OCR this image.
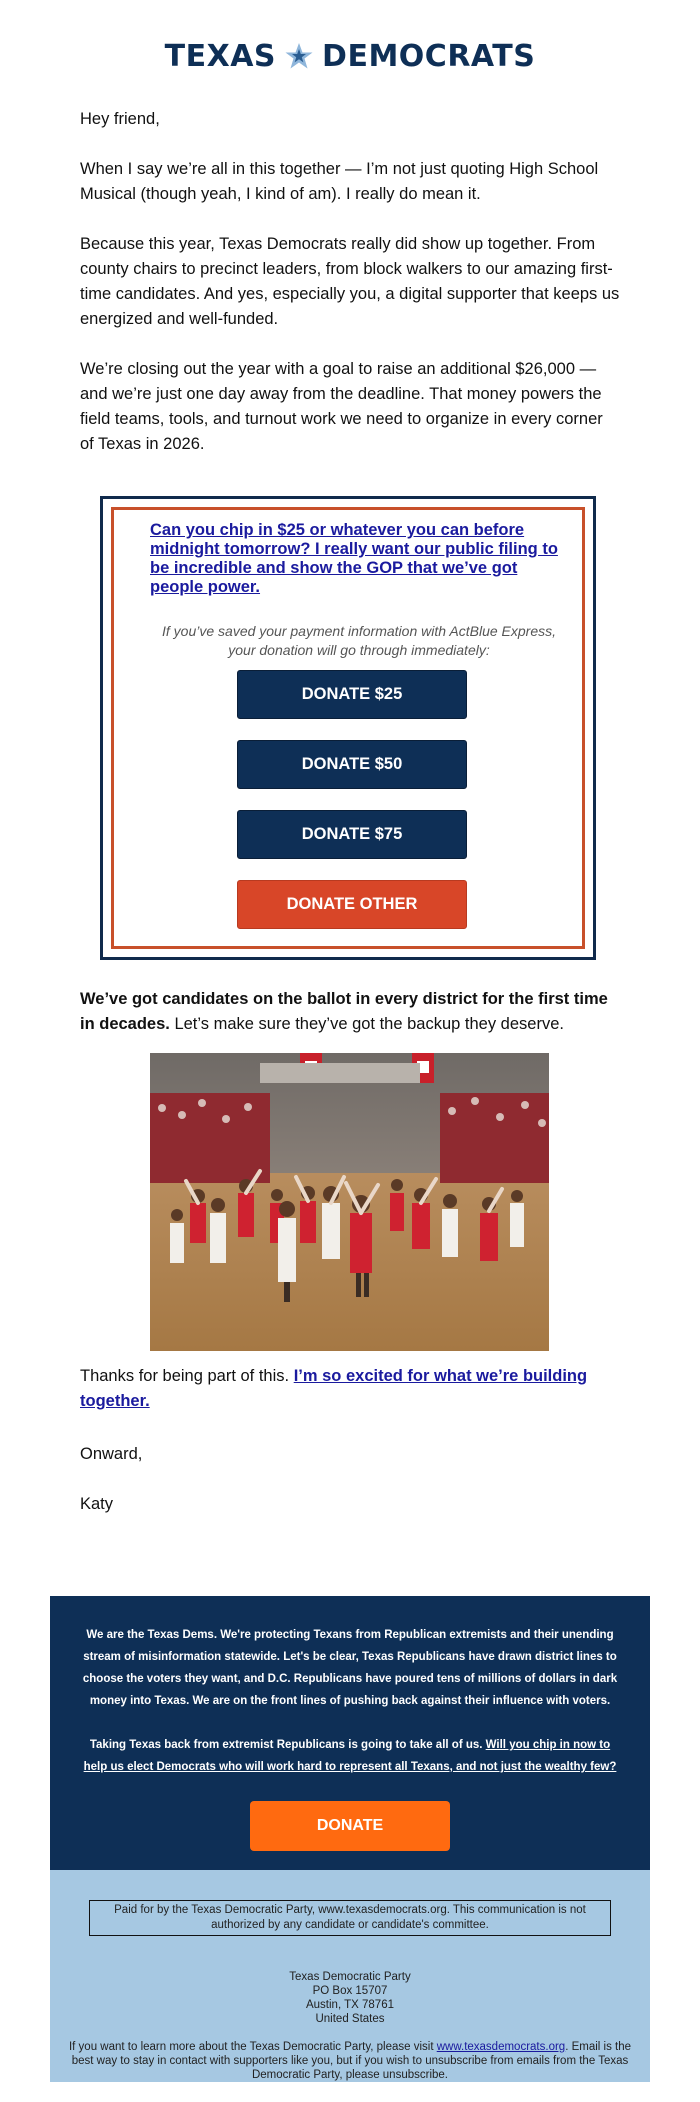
TEXAS DEMOCRATS

Hey friend,

When I say we’re all in this together — I’m not just quoting High School Musical (though yeah, I kind of am). I really do mean it.

Because this year, Texas Democrats really did show up together. From county chairs to precinct leaders, from block walkers to our amazing first-time candidates. And yes, especially you, a digital supporter that keeps us energized and well-funded.

We’re closing out the year with a goal to raise an additional $26,000 — and we’re just one day away from the deadline. That money powers the field teams, tools, and turnout work we need to organize in every corner of Texas in 2026.

Can you chip in $25 or whatever you can before midnight tomorrow? I really want our public filing to be incredible and show the GOP that we’ve got people power.
If you’ve saved your payment information with ActBlue Express, your donation will go through immediately:
DONATE $25
DONATE $50
DONATE $75
DONATE OTHER

We’ve got candidates on the ballot in every district for the first time in decades. Let’s make sure they’ve got the backup they deserve.

Thanks for being part of this. I’m so excited for what we’re building together.

Onward,

Katy

We are the Texas Dems. We're protecting Texans from Republican extremists and their unending stream of misinformation statewide. Let's be clear, Texas Republicans have drawn district lines to choose the voters they want, and D.C. Republicans have poured tens of millions of dollars in dark money into Texas. We are on the front lines of pushing back against their influence with voters.
Taking Texas back from extremist Republicans is going to take all of us. Will you chip in now to help us elect Democrats who will work hard to represent all Texans, and not just the wealthy few?
DONATE
Paid for by the Texas Democratic Party, www.texasdemocrats.org. This communication is not authorized by any candidate or candidate's committee.
Texas Democratic Party
PO Box 15707
Austin, TX 78761
United States
If you want to learn more about the Texas Democratic Party, please visit www.texasdemocrats.org. Email is the best way to stay in contact with supporters like you, but if you wish to unsubscribe from emails from the Texas Democratic Party, please unsubscribe.
